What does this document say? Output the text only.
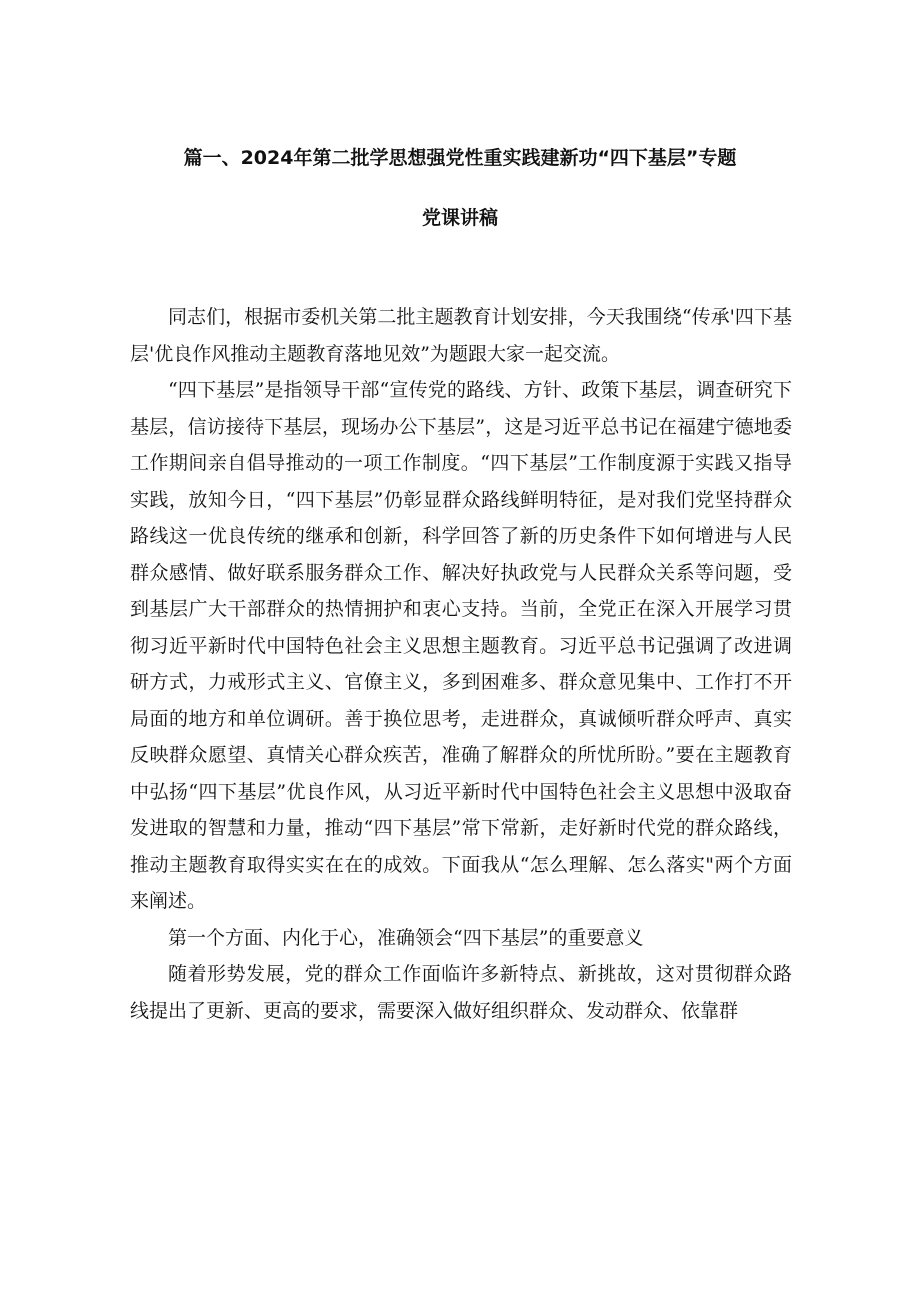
篇一、2024年第二批学思想强党性重实践建新功“四下基层”专题
党课讲稿

同志们，根据市委机关第二批主题教育计划安排，今天我围绕“传承'四下基层'优良作风推动主题教育落地见效”为题跟大家一起交流。

“四下基层”是指领导干部“宣传党的路线、方针、政策下基层，调查研究下基层，信访接待下基层，现场办公下基层”，这是习近平总书记在福建宁德地委工作期间亲自倡导推动的一项工作制度。“四下基层”工作制度源于实践又指导实践，放知今日，“四下基层”仍彰显群众路线鲜明特征，是对我们党坚持群众路线这一优良传统的继承和创新，科学回答了新的历史条件下如何增进与人民群众感情、做好联系服务群众工作、解决好执政党与人民群众关系等问题，受到基层广大干部群众的热情拥护和衷心支持。当前，全党正在深入开展学习贯彻习近平新时代中国特色社会主义思想主题教育。习近平总书记强调了改进调研方式，力戒形式主义、官僚主义，多到困难多、群众意见集中、工作打不开局面的地方和单位调研。善于换位思考，走进群众，真诚倾听群众呼声、真实反映群众愿望、真情关心群众疾苦，准确了解群众的所忧所盼。”要在主题教育中弘扬“四下基层”优良作风，从习近平新时代中国特色社会主义思想中汲取奋发进取的智慧和力量，推动“四下基层”常下常新，走好新时代党的群众路线，推动主题教育取得实实在在的成效。下面我从“怎么理解、怎么落实"两个方面来阐述。

第一个方面、内化于心，准确领会“四下基层”的重要意义

随着形势发展，党的群众工作面临许多新特点、新挑故，这对贯彻群众路线提出了更新、更高的要求，需要深入做好组织群众、发动群众、依靠群
